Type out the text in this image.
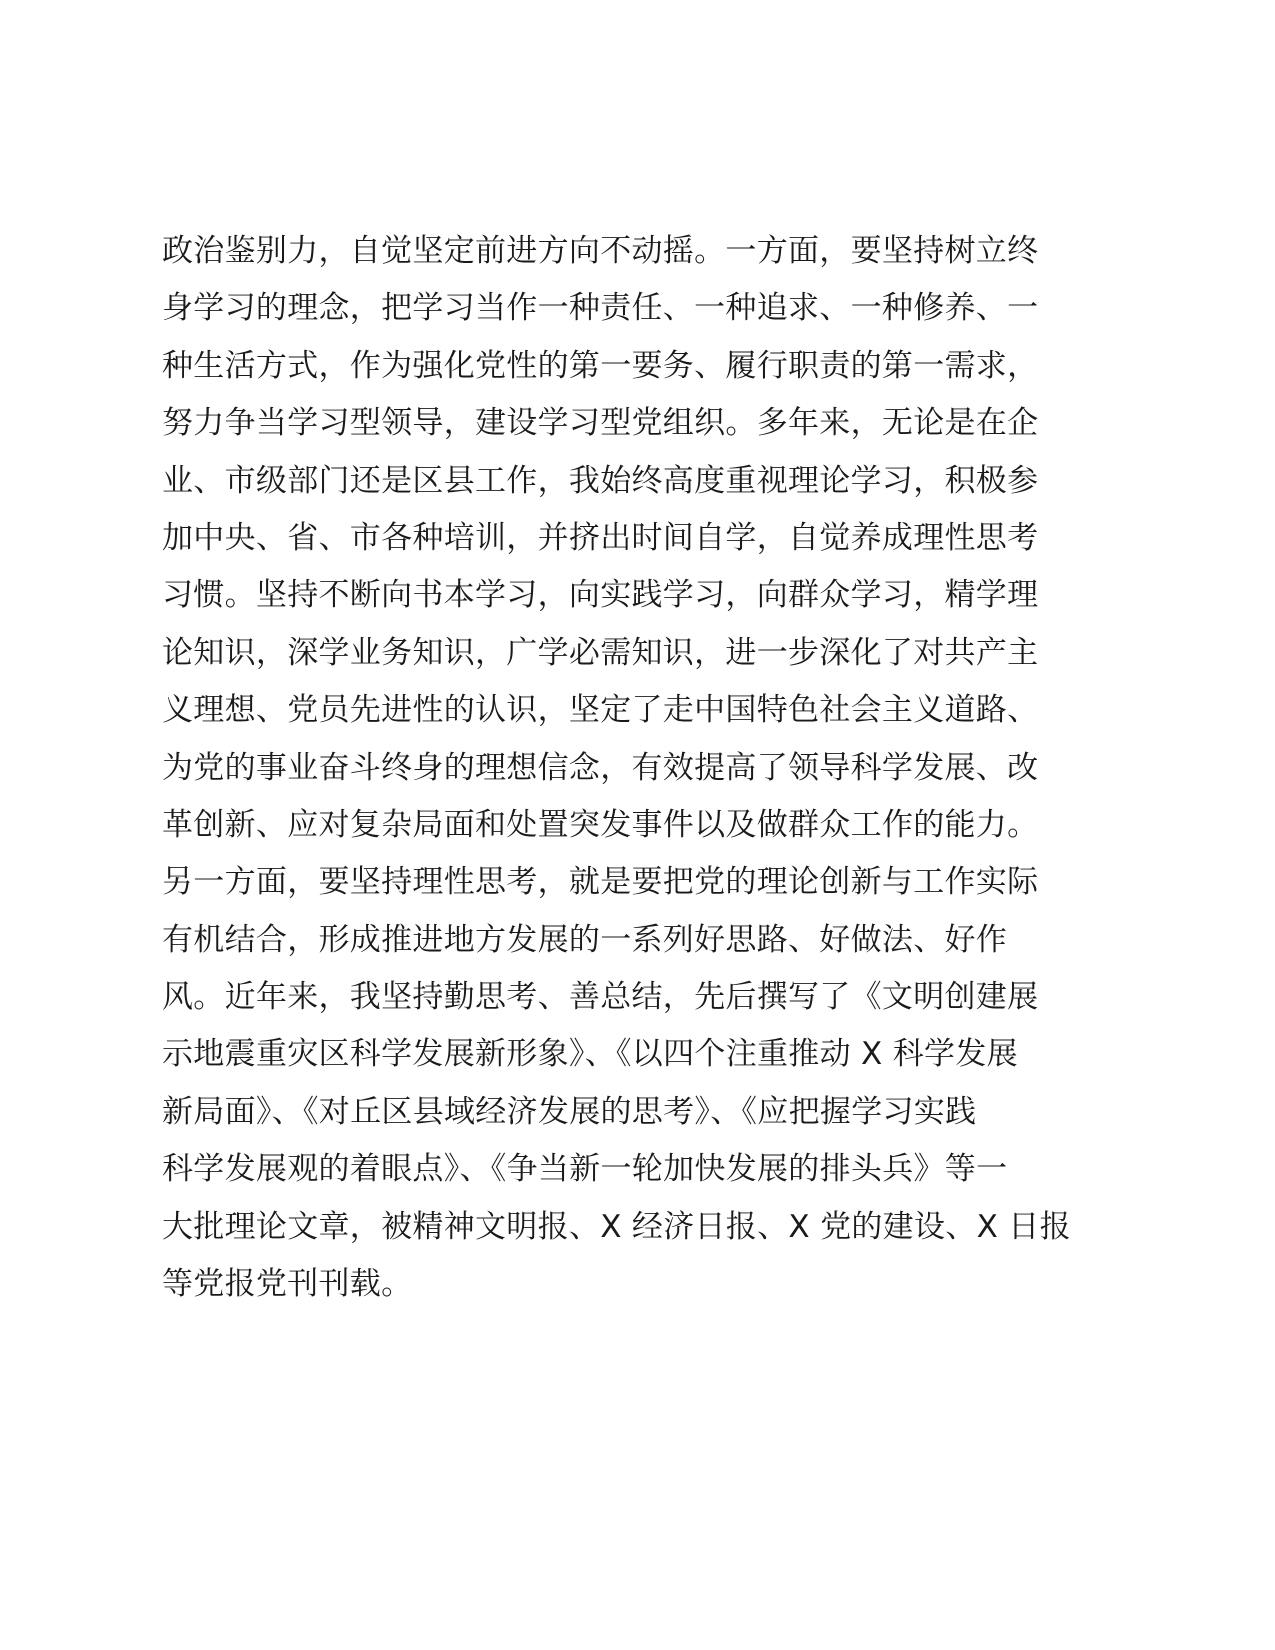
政治鉴别力，自觉坚定前进方向不动摇。一方面，要坚持树立终
身学习的理念，把学习当作一种责任、一种追求、一种修养、一
种生活方式，作为强化党性的第一要务、履行职责的第一需求，
努力争当学习型领导，建设学习型党组织。多年来，无论是在企
业、市级部门还是区县工作，我始终高度重视理论学习，积极参
加中央、省、市各种培训，并挤出时间自学，自觉养成理性思考
习惯。坚持不断向书本学习，向实践学习，向群众学习，精学理
论知识，深学业务知识，广学必需知识，进一步深化了对共产主
义理想、党员先进性的认识，坚定了走中国特色社会主义道路、
为党的事业奋斗终身的理想信念，有效提高了领导科学发展、改
革创新、应对复杂局面和处置突发事件以及做群众工作的能力。
另一方面，要坚持理性思考，就是要把党的理论创新与工作实际
有机结合，形成推进地方发展的一系列好思路、好做法、好作
风。近年来，我坚持勤思考、善总结，先后撰写了《文明创建展
示地震重灾区科学发展新形象》、《以四个注重推动 X 科学发展
新局面》、《对丘区县域经济发展的思考》、《应把握学习实践
科学发展观的着眼点》、《争当新一轮加快发展的排头兵》等一
大批理论文章，被精神文明报、X 经济日报、X 党的建设、X 日报
等党报党刊刊载。
